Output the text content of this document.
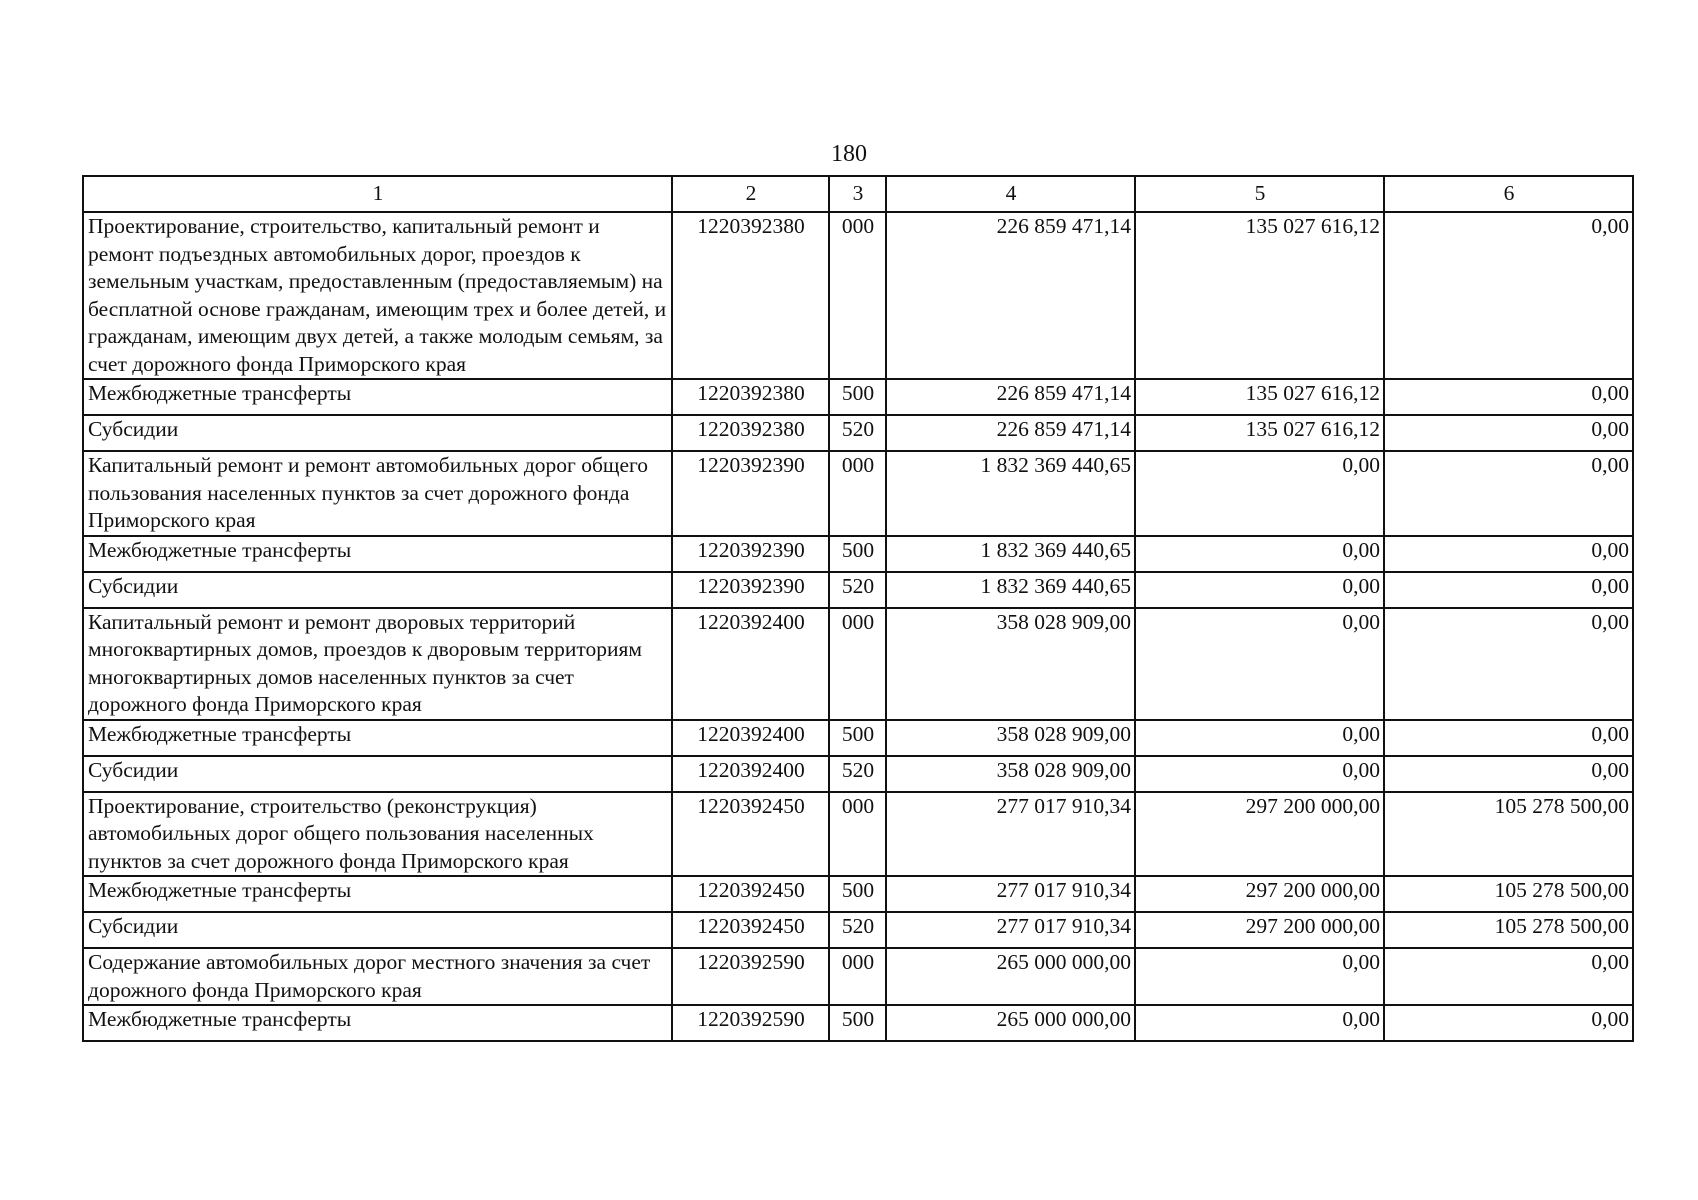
180
1	2	3	4	5	6
Проектирование, строительство, капитальный ремонт и ремонт подъездных автомобильных дорог, проездов к земельным участкам, предоставленным (предоставляемым) на бесплатной основе гражданам, имеющим трех и более детей, и гражданам, имеющим двух детей, а также молодым семьям, за счет дорожного фонда Приморского края	1220392380	000	226 859 471,14	135 027 616,12	0,00
Межбюджетные трансферты	1220392380	500	226 859 471,14	135 027 616,12	0,00
Субсидии	1220392380	520	226 859 471,14	135 027 616,12	0,00
Капитальный ремонт и ремонт автомобильных дорог общего пользования населенных пунктов за счет дорожного фонда Приморского края	1220392390	000	1 832 369 440,65	0,00	0,00
Межбюджетные трансферты	1220392390	500	1 832 369 440,65	0,00	0,00
Субсидии	1220392390	520	1 832 369 440,65	0,00	0,00
Капитальный ремонт и ремонт дворовых территорий многоквартирных домов, проездов к дворовым территориям многоквартирных домов населенных пунктов за счет дорожного фонда Приморского края	1220392400	000	358 028 909,00	0,00	0,00
Межбюджетные трансферты	1220392400	500	358 028 909,00	0,00	0,00
Субсидии	1220392400	520	358 028 909,00	0,00	0,00
Проектирование, строительство (реконструкция) автомобильных дорог общего пользования населенных пунктов за счет дорожного фонда Приморского края	1220392450	000	277 017 910,34	297 200 000,00	105 278 500,00
Межбюджетные трансферты	1220392450	500	277 017 910,34	297 200 000,00	105 278 500,00
Субсидии	1220392450	520	277 017 910,34	297 200 000,00	105 278 500,00
Содержание автомобильных дорог местного значения за счет дорожного фонда Приморского края	1220392590	000	265 000 000,00	0,00	0,00
Межбюджетные трансферты	1220392590	500	265 000 000,00	0,00	0,00
